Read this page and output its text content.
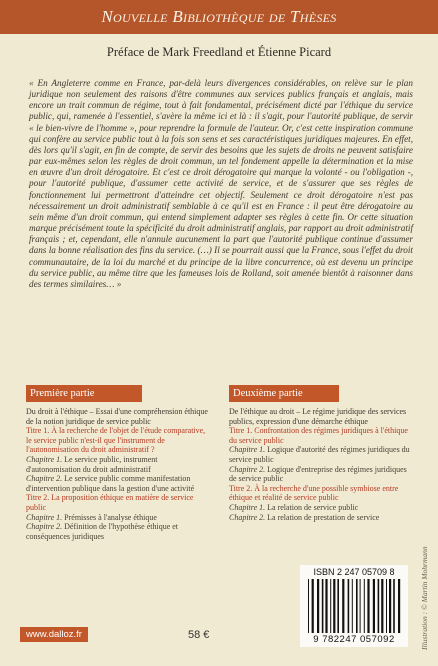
Nouvelle Bibliothèque de Thèses
Préface de Mark Freedland et Étienne Picard
« En Angleterre comme en France, par-delà leurs divergences considérables, on relève sur le plan juridique non seulement des raisons d'être communes aux services publics français et anglais, mais encore un trait commun de régime, tout à fait fondamental, précisément dicté par l'éthique du service public, qui, ramenée à l'essentiel, s'avère la même ici et là : il s'agit, pour l'autorité publique, de servir « le bien-vivre de l'homme », pour reprendre la formule de l'auteur. Or, c'est cette inspiration commune qui confère au service public tout à la fois son sens et ses caractéristiques juridiques majeures. En effet, dès lors qu'il s'agit, en fin de compte, de servir des besoins que les sujets de droits ne peuvent satisfaire par eux-mêmes selon les règles de droit commun, un tel fondement appelle la détermination et la mise en œuvre d'un droit dérogatoire. Et c'est ce droit dérogatoire qui marque la volonté - ou l'obligation -, pour l'autorité publique, d'assumer cette activité de service, et de s'assurer que ses règles de fonctionnement lui permettront d'atteindre cet objectif. Seulement ce droit dérogatoire n'est pas nécessairement un droit administratif semblable à ce qu'il est en France : il peut être dérogatoire au sein même d'un droit commun, qui entend simplement adapter ses règles à cette fin. Or cette situation marque précisément toute la spécificité du droit administratif anglais, par rapport au droit administratif français ; et, cependant, elle n'annule aucunement la part que l'autorité publique continue d'assumer dans la bonne réalisation des fins du service. (…) Il se pourrait aussi que la France, sous l'effet du droit communautaire, de la loi du marché et du principe de la libre concurrence, où est devenu un principe du service public, au même titre que les fameuses lois de Rolland, soit amenée bientôt à raisonner dans des termes similaires… »
Première partie
Du droit à l'éthique – Essai d'une compréhension éthique de la notion juridique de service public
Titre 1. À la recherche de l'objet de l'étude comparative, le service public n'est-il que l'instrument de l'autonomisation du droit administratif ?
Chapitre 1. Le service public, instrument d'autonomisation du droit administratif
Chapitre 2. Le service public comme manifestation d'intervention publique dans la gestion d'une activité
Titre 2. La proposition éthique en matière de service public
Chapitre 1. Prémisses à l'analyse éthique
Chapitre 2. Définition de l'hypothèse éthique et conséquences juridiques
Deuxième partie
De l'éthique au droit – Le régime juridique des services publics, expression d'une démarche éthique
Titre 1. Confrontation des régimes juridiques à l'éthique du service public
Chapitre 1. Logique d'autorité des régimes juridiques du service public
Chapitre 2. Logique d'entreprise des régimes juridiques de service public
Titre 2. À la recherche d'une possible symbiose entre éthique et réalité de service public
Chapitre 1. La relation de service public
Chapitre 2. La relation de prestation de service
ISBN 2 247 05709 8
9 782247 057092	Illustration : © Martin Mohrmann
www.dalloz.fr	58 €
